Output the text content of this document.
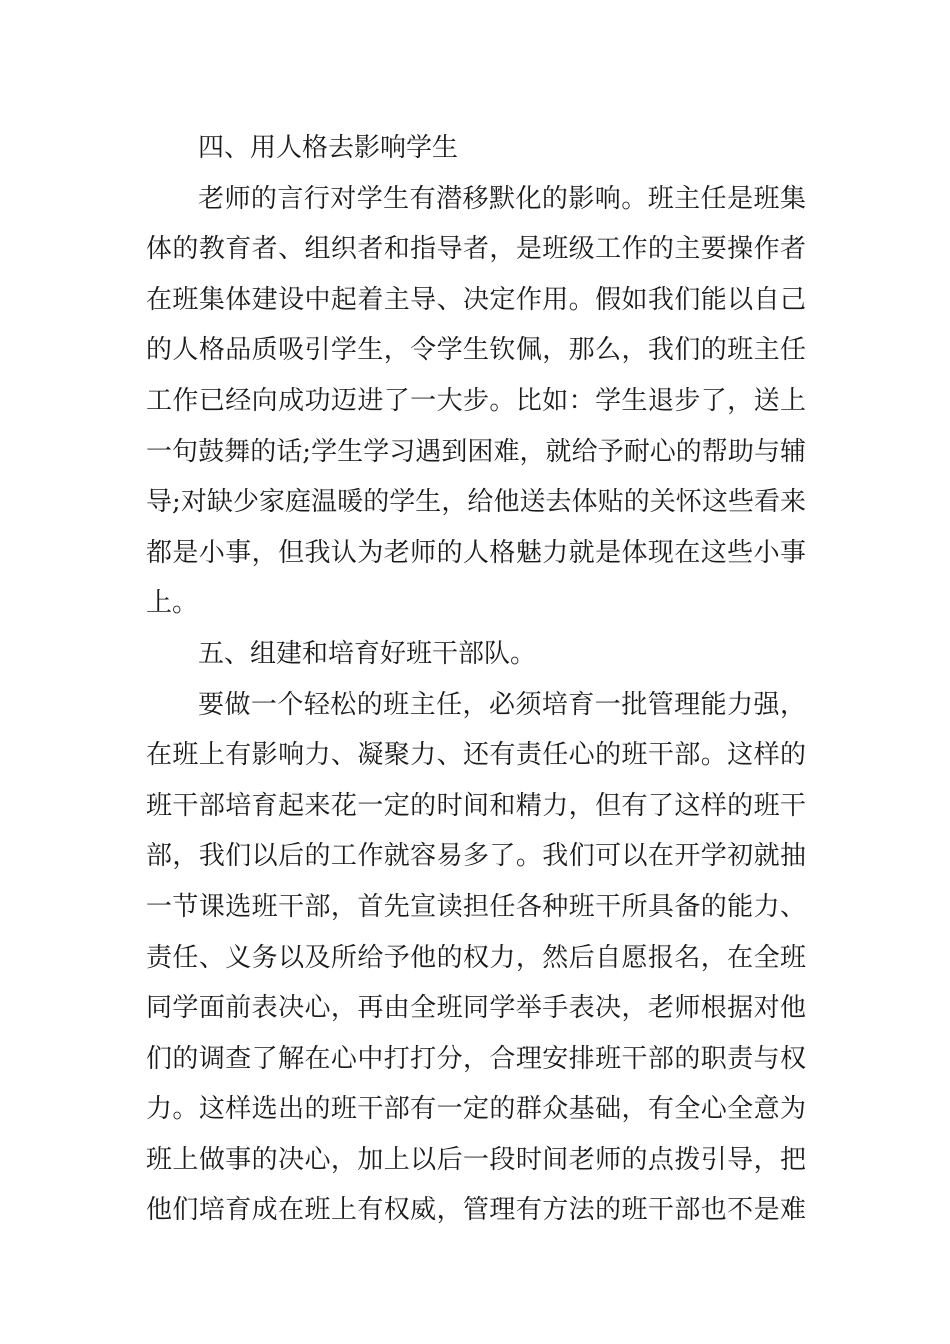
四、用人格去影响学生
老师的言行对学生有潜移默化的影响。班主任是班集
体的教育者、组织者和指导者，是班级工作的主要操作者
在班集体建设中起着主导、决定作用。假如我们能以自己
的人格品质吸引学生，令学生钦佩，那么，我们的班主任
工作已经向成功迈进了一大步。比如：学生退步了，送上
一句鼓舞的话;学生学习遇到困难，就给予耐心的帮助与辅
导;对缺少家庭温暖的学生，给他送去体贴的关怀这些看来
都是小事，但我认为老师的人格魅力就是体现在这些小事
上。
五、组建和培育好班干部队。
要做一个轻松的班主任，必须培育一批管理能力强，
在班上有影响力、凝聚力、还有责任心的班干部。这样的
班干部培育起来花一定的时间和精力，但有了这样的班干
部，我们以后的工作就容易多了。我们可以在开学初就抽
一节课选班干部，首先宣读担任各种班干所具备的能力、
责任、义务以及所给予他的权力，然后自愿报名，在全班
同学面前表决心，再由全班同学举手表决，老师根据对他
们的调查了解在心中打打分，合理安排班干部的职责与权
力。这样选出的班干部有一定的群众基础，有全心全意为
班上做事的决心，加上以后一段时间老师的点拨引导，把
他们培育成在班上有权威，管理有方法的班干部也不是难
